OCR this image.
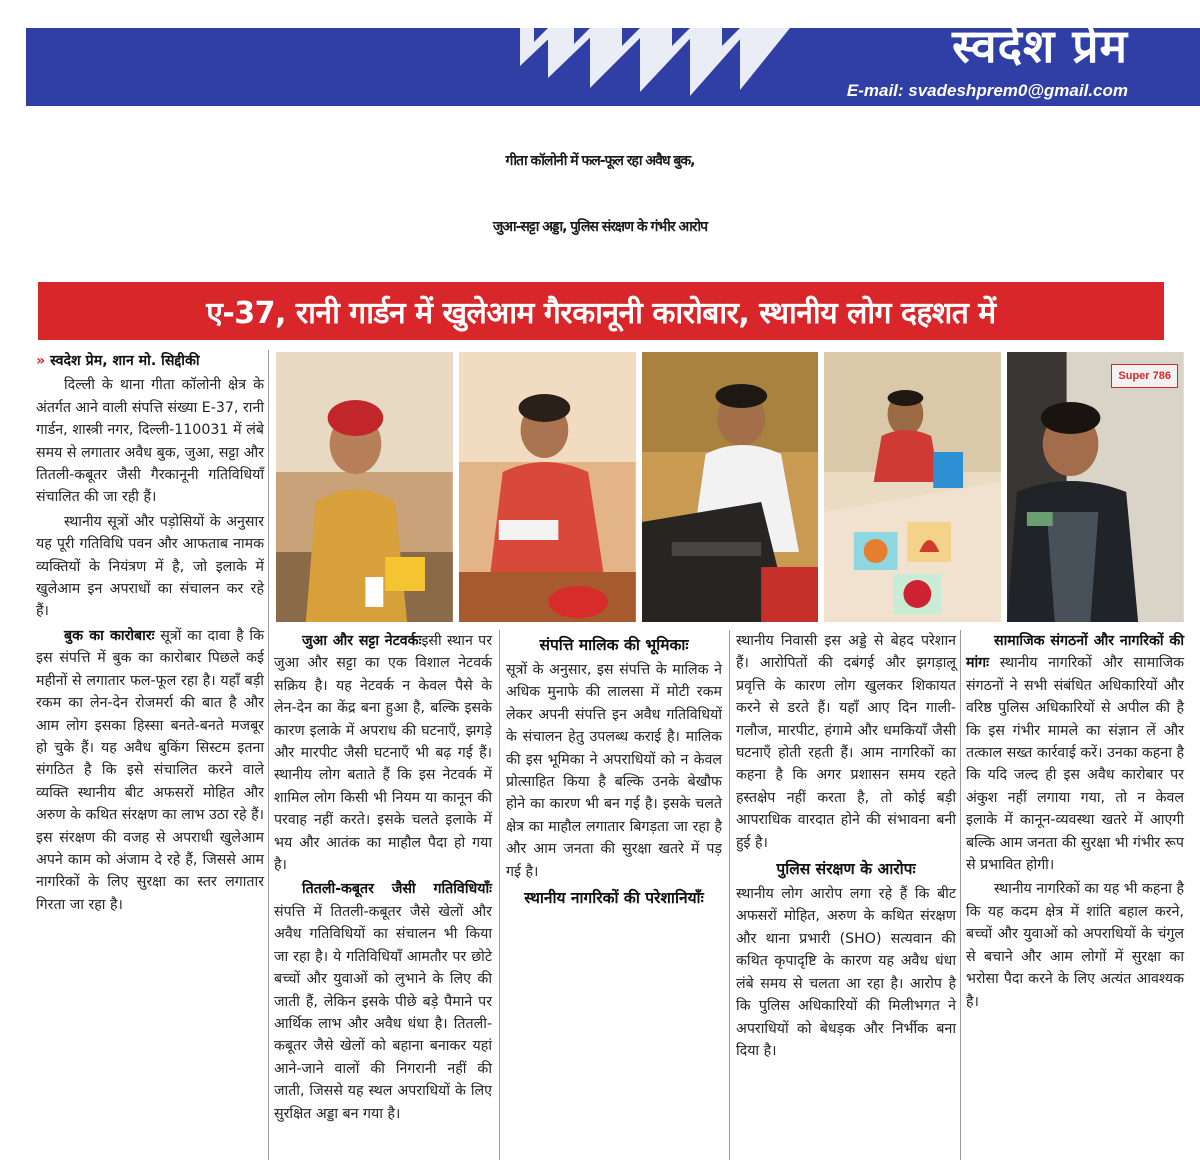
स्वदेश प्रेम
E-mail: svadeshprem0@gmail.com
गीता कॉलोनी में फल-फूल रहा अवैध बुक,
जुआ-सट्टा अड्डा, पुलिस संरक्षण के गंभीर आरोप
ए-37, रानी गार्डन में खुलेआम गैरकानूनी कारोबार, स्थानीय लोग दहशत में
Super 786

» स्वदेश प्रेम, शान मो. सिद्दीकी

दिल्ली के थाना गीता कॉलोनी क्षेत्र के अंतर्गत आने वाली संपत्ति संख्या E-37, रानी गार्डन, शास्त्री नगर, दिल्ली-110031 में लंबे समय से लगातार अवैध बुक, जुआ, सट्टा और तितली-कबूतर जैसी गैरकानूनी गतिविधियाँ संचालित की जा रही हैं।

स्थानीय सूत्रों और पड़ोसियों के अनुसार यह पूरी गतिविधि पवन और आफताब नामक व्यक्तियों के नियंत्रण में है, जो इलाके में खुलेआम इन अपराधों का संचालन कर रहे हैं।

बुक का कारोबारः सूत्रों का दावा है कि इस संपत्ति में बुक का कारोबार पिछले कई महीनों से लगातार फल-फूल रहा है। यहाँ बड़ी रकम का लेन-देन रोजमर्रा की बात है और आम लोग इसका हिस्सा बनते-बनते मजबूर हो चुके हैं। यह अवैध बुकिंग सिस्टम इतना संगठित है कि इसे संचालित करने वाले व्यक्ति स्थानीय बीट अफसरों मोहित और अरुण के कथित संरक्षण का लाभ उठा रहे हैं। इस संरक्षण की वजह से अपराधी खुलेआम अपने काम को अंजाम दे रहे हैं, जिससे आम नागरिकों के लिए सुरक्षा का स्तर लगातार गिरता जा रहा है।

जुआ और सट्टा नेटवर्कःइसी स्थान पर जुआ और सट्टा का एक विशाल नेटवर्क सक्रिय है। यह नेटवर्क न केवल पैसे के लेन-देन का केंद्र बना हुआ है, बल्कि इसके कारण इलाके में अपराध की घटनाएँ, झगड़े और मारपीट जैसी घटनाएँ भी बढ़ गई हैं। स्थानीय लोग बताते हैं कि इस नेटवर्क में शामिल लोग किसी भी नियम या कानून की परवाह नहीं करते। इसके चलते इलाके में भय और आतंक का माहौल पैदा हो गया है।

तितली-कबूतर जैसी गतिविधियाँः संपत्ति में तितली-कबूतर जैसे खेलों और अवैध गतिविधियों का संचालन भी किया जा रहा है। ये गतिविधियाँ आमतौर पर छोटे बच्चों और युवाओं को लुभाने के लिए की जाती हैं, लेकिन इसके पीछे बड़े पैमाने पर आर्थिक लाभ और अवैध धंधा है। तितली-कबूतर जैसे खेलों को बहाना बनाकर यहां आने-जाने वालों की निगरानी नहीं की जाती, जिससे यह स्थल अपराधियों के लिए सुरक्षित अड्डा बन गया है।

संपत्ति मालिक की भूमिकाः

सूत्रों के अनुसार, इस संपत्ति के मालिक ने अधिक मुनाफे की लालसा में मोटी रकम लेकर अपनी संपत्ति इन अवैध गतिविधियों के संचालन हेतु उपलब्ध कराई है। मालिक की इस भूमिका ने अपराधियों को न केवल प्रोत्साहित किया है बल्कि उनके बेखौफ होने का कारण भी बन गई है। इसके चलते क्षेत्र का माहौल लगातार बिगड़ता जा रहा है और आम जनता की सुरक्षा खतरे में पड़ गई है।

स्थानीय नागरिकों की परेशानियाँः

स्थानीय निवासी इस अड्डे से बेहद परेशान हैं। आरोपितों की दबंगई और झगड़ालू प्रवृत्ति के कारण लोग खुलकर शिकायत करने से डरते हैं। यहाँ आए दिन गाली-गलौज, मारपीट, हंगामे और धमकियाँ जैसी घटनाएँ होती रहती हैं। आम नागरिकों का कहना है कि अगर प्रशासन समय रहते हस्तक्षेप नहीं करता है, तो कोई बड़ी आपराधिक वारदात होने की संभावना बनी हुई है।

पुलिस संरक्षण के आरोपः

स्थानीय लोग आरोप लगा रहे हैं कि बीट अफसरों मोहित, अरुण के कथित संरक्षण और थाना प्रभारी (SHO) सत्यवान की कथित कृपादृष्टि के कारण यह अवैध धंधा लंबे समय से चलता आ रहा है। आरोप है कि पुलिस अधिकारियों की मिलीभगत ने अपराधियों को बेधड़क और निर्भीक बना दिया है।

सामाजिक संगठनों और नागरिकों की मांगः स्थानीय नागरिकों और सामाजिक संगठनों ने सभी संबंधित अधिकारियों और वरिष्ठ पुलिस अधिकारियों से अपील की है कि इस गंभीर मामले का संज्ञान लें और तत्काल सख्त कार्रवाई करें। उनका कहना है कि यदि जल्द ही इस अवैध कारोबार पर अंकुश नहीं लगाया गया, तो न केवल इलाके में कानून-व्यवस्था खतरे में आएगी बल्कि आम जनता की सुरक्षा भी गंभीर रूप से प्रभावित होगी।

स्थानीय नागरिकों का यह भी कहना है कि यह कदम क्षेत्र में शांति बहाल करने, बच्चों और युवाओं को अपराधियों के चंगुल से बचाने और आम लोगों में सुरक्षा का भरोसा पैदा करने के लिए अत्यंत आवश्यक है।
